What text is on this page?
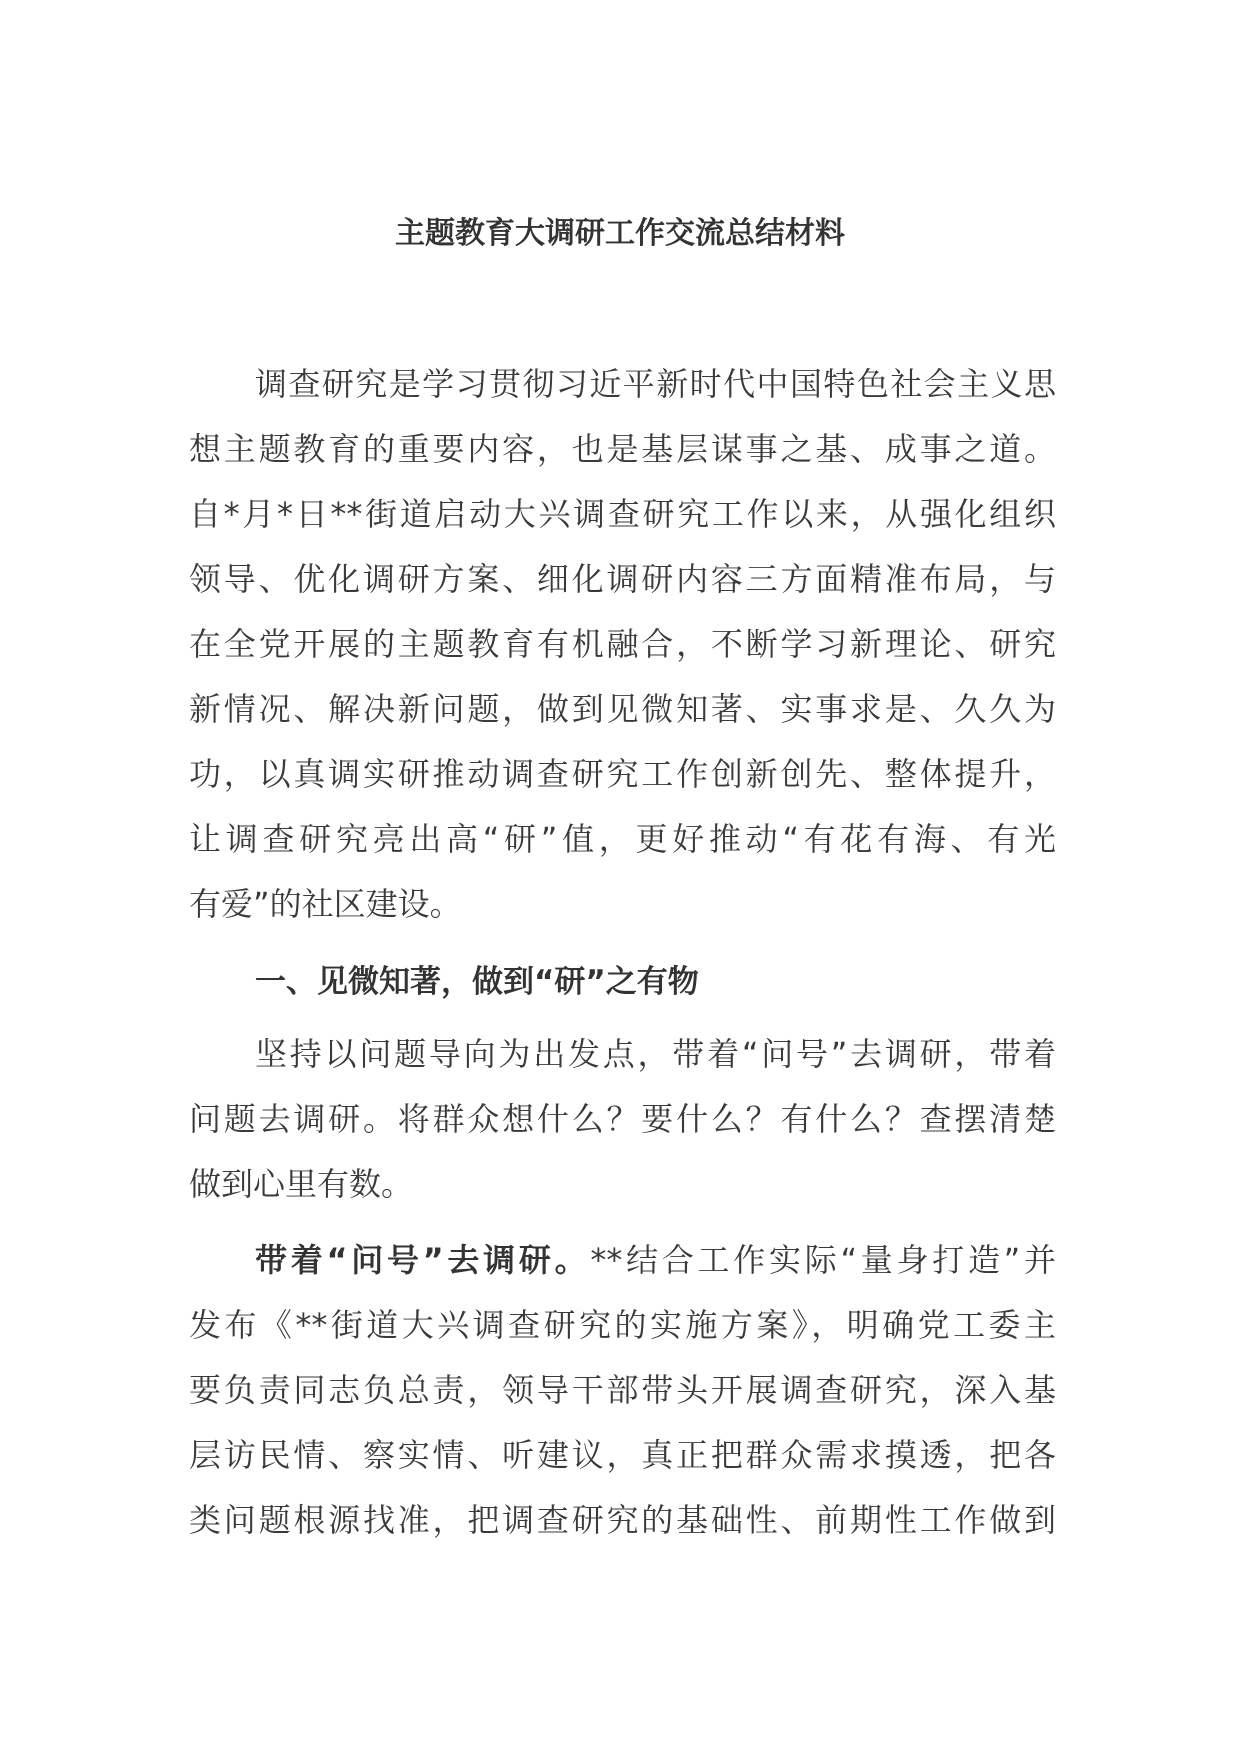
主题教育大调研工作交流总结材料
调查研究是学习贯彻习近平新时代中国特色社会主义思
想主题教育的重要内容，也是基层谋事之基、成事之道。
自*月*日**街道启动大兴调查研究工作以来，从强化组织
领导、优化调研方案、细化调研内容三方面精准布局，与
在全党开展的主题教育有机融合，不断学习新理论、研究
新情况、解决新问题，做到见微知著、实事求是、久久为
功，以真调实研推动调查研究工作创新创先、整体提升，
让调查研究亮出高“研”值，更好推动“有花有海、有光
有爱”的社区建设。
一、见微知著，做到“研”之有物
坚持以问题导向为出发点，带着“问号”去调研，带着
问题去调研。将群众想什么？要什么？有什么？查摆清楚
做到心里有数。
带着“问号”去调研。**结合工作实际“量身打造”并
发布《**街道大兴调查研究的实施方案》，明确党工委主
要负责同志负总责，领导干部带头开展调查研究，深入基
层访民情、察实情、听建议，真正把群众需求摸透，把各
类问题根源找准，把调查研究的基础性、前期性工作做到
